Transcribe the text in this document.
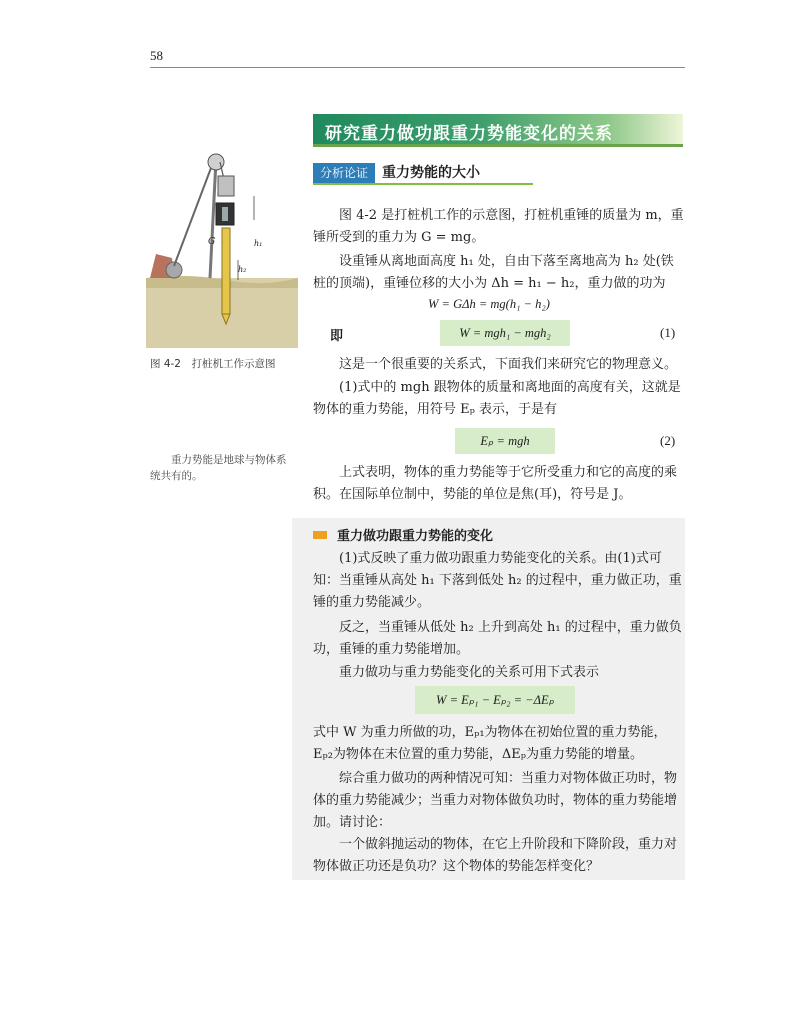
58
G	h₁
h₂
图 4-2　打桩机工作示意图
重力势能是地球与物体系统共有的。
研究重力做功跟重力势能变化的关系
分析论证	重力势能的大小
图 4-2 是打桩机工作的示意图，打桩机重锤的质量为 m，重锤所受到的重力为 G = mg。
设重锤从离地面高度 h₁ 处，自由下落至离地高为 h₂ 处(铁桩的顶端)，重锤位移的大小为 Δh = h₁ − h₂，重力做的功为
W = GΔh = mg(h₁ − h₂)
即	W = mgh₁ − mgh₂	(1)
这是一个很重要的关系式，下面我们来研究它的物理意义。
(1)式中的 mgh 跟物体的质量和离地面的高度有关，这就是物体的重力势能，用符号 Eₚ 表示，于是有
Eₚ = mgh	(2)
上式表明，物体的重力势能等于它所受重力和它的高度的乘积。在国际单位制中，势能的单位是焦(耳)，符号是 J。
重力做功跟重力势能的变化
(1)式反映了重力做功跟重力势能变化的关系。由(1)式可知：当重锤从高处 h₁ 下落到低处 h₂ 的过程中，重力做正功，重锤的重力势能减少。
反之，当重锤从低处 h₂ 上升到高处 h₁ 的过程中，重力做负功，重锤的重力势能增加。
重力做功与重力势能变化的关系可用下式表示
W = Eₚ₁ − Eₚ₂ = −ΔEₚ
式中 W 为重力所做的功，Eₚ₁为物体在初始位置的重力势能，Eₚ₂为物体在末位置的重力势能，ΔEₚ为重力势能的增量。
综合重力做功的两种情况可知：当重力对物体做正功时，物体的重力势能减少；当重力对物体做负功时，物体的重力势能增加。 请讨论：
一个做斜抛运动的物体，在它上升阶段和下降阶段，重力对物体做正功还是负功？这个物体的势能怎样变化？
